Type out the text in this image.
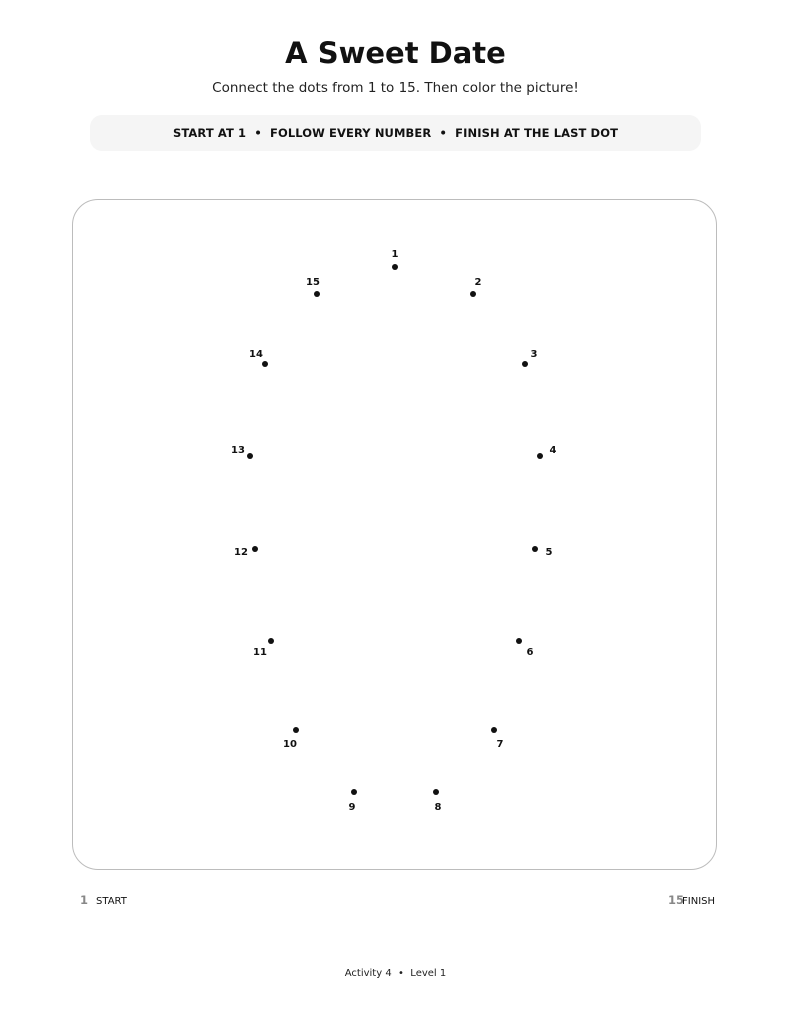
A Sweet Date
Connect the dots from 1 to 15. Then color the picture!
START AT 1  •  FOLLOW EVERY NUMBER  •  FINISH AT THE LAST DOT
1
2
3
4
5
6
7
8
9
10
11
12
13
14
15
1 START	15
FINISH
Activity 4  •  Level 1
